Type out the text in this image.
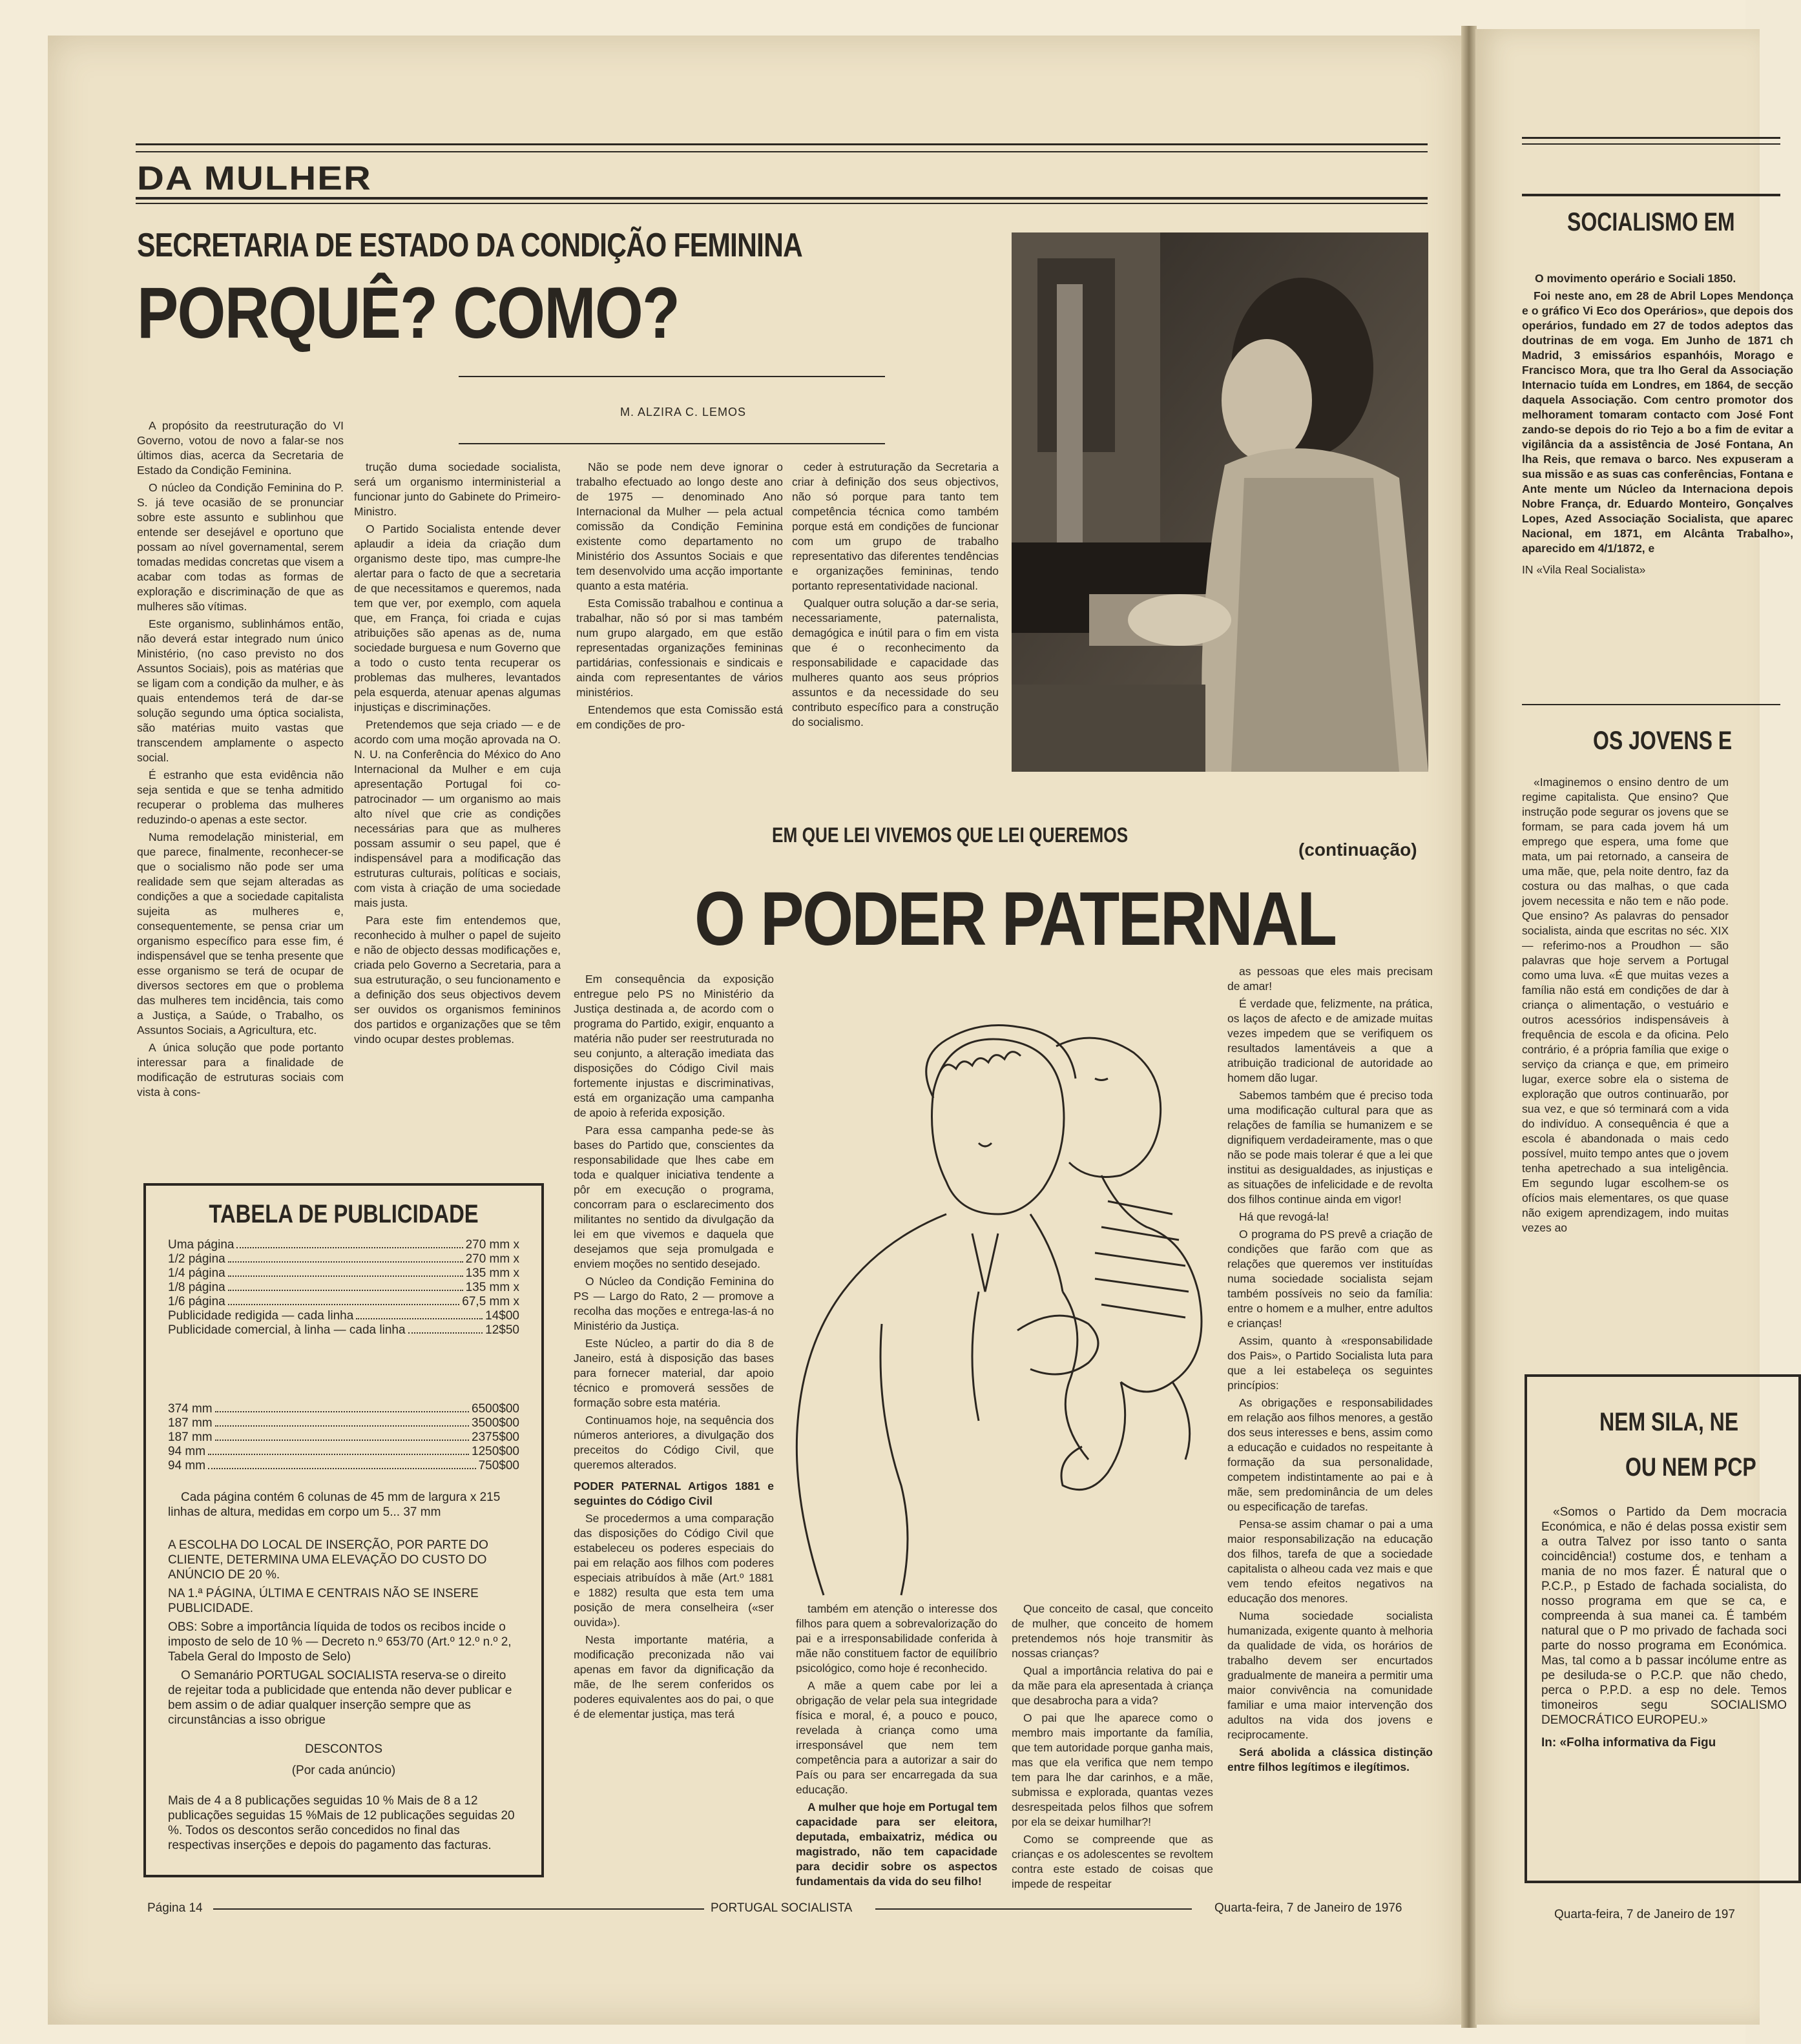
DA MULHER
SECRETARIA DE ESTADO DA CONDIÇÃO FEMININA
PORQUÊ? COMO?
M. ALZIRA C. LEMOS

A propósito da reestruturação do VI Governo, votou de novo a falar-se nos últimos dias, acerca da Secretaria de Estado da Condição Feminina.

O núcleo da Condição Feminina do P. S. já teve ocasião de se pronunciar sobre este assunto e sublinhou que entende ser desejável e oportuno que possam ao nível governamental, serem tomadas medidas concretas que visem a acabar com todas as formas de exploração e discriminação de que as mulheres são vítimas.

Este organismo, sublinhámos então, não deverá estar integrado num único Ministério, (no caso previsto no dos Assuntos Sociais), pois as matérias que se ligam com a condição da mulher, e às quais entendemos terá de dar-se solução segundo uma óptica socialista, são matérias muito vastas que transcendem amplamente o aspecto social.

É estranho que esta evidência não seja sentida e que se tenha admitido recuperar o problema das mulheres reduzindo-o apenas a este sector.

Numa remodelação ministerial, em que parece, finalmente, reconhecer-se que o socialismo não pode ser uma realidade sem que sejam alteradas as condições a que a sociedade capitalista sujeita as mulheres e, consequentemente, se pensa criar um organismo específico para esse fim, é indispensável que se tenha presente que esse organismo se terá de ocupar de diversos sectores em que o problema das mulheres tem incidência, tais como a Justiça, a Saúde, o Trabalho, os Assuntos Sociais, a Agricultura, etc.

A única solução que pode portanto interessar para a finalidade de modificação de estruturas sociais com vista à cons-

trução duma sociedade socialista, será um organismo interministerial a funcionar junto do Gabinete do Primeiro-Ministro.

O Partido Socialista entende dever aplaudir a ideia da criação dum organismo deste tipo, mas cumpre-lhe alertar para o facto de que a secretaria de que necessitamos e queremos, nada tem que ver, por exemplo, com aquela que, em França, foi criada e cujas atribuições são apenas as de, numa sociedade burguesa e num Governo que a todo o custo tenta recuperar os problemas das mulheres, levantados pela esquerda, atenuar apenas algumas injustiças e discriminações.

Pretendemos que seja criado — e de acordo com uma moção aprovada na O. N. U. na Conferência do México do Ano Internacional da Mulher e em cuja apresentação Portugal foi co-patrocinador — um organismo ao mais alto nível que crie as condições necessárias para que as mulheres possam assumir o seu papel, que é indispensável para a modificação das estruturas culturais, políticas e sociais, com vista à criação de uma sociedade mais justa.

Para este fim entendemos que, reconhecido à mulher o papel de sujeito e não de objecto dessas modificações e, criada pelo Governo a Secretaria, para a sua estruturação, o seu funcionamento e a definição dos seus objectivos devem ser ouvidos os organismos femininos dos partidos e organizações que se têm vindo ocupar destes problemas.

Não se pode nem deve ignorar o trabalho efectuado ao longo deste ano de 1975 — denominado Ano Internacional da Mulher — pela actual comissão da Condição Feminina existente como departamento no Ministério dos Assuntos Sociais e que tem desenvolvido uma acção importante quanto a esta matéria.

Esta Comissão trabalhou e continua a trabalhar, não só por si mas também num grupo alargado, em que estão representadas organizações femininas partidárias, confessionais e sindicais e ainda com representantes de vários ministérios.

Entendemos que esta Comissão está em condições de pro-

ceder à estruturação da Secretaria a criar à definição dos seus objectivos, não só porque para tanto tem competência técnica como também porque está em condições de funcionar com um grupo de trabalho representativo das diferentes tendências e organizações femininas, tendo portanto representatividade nacional.

Qualquer outra solução a dar-se seria, necessariamente, paternalista, demagógica e inútil para o fim em vista que é o reconhecimento da responsabilidade e capacidade das mulheres quanto aos seus próprios assuntos e da necessidade do seu contributo específico para a construção do socialismo.

EM QUE LEI VIVEMOS QUE LEI QUEREMOS
(continuação)
O PODER PATERNAL

Em consequência da exposição entregue pelo PS no Ministério da Justiça destinada a, de acordo com o programa do Partido, exigir, enquanto a matéria não puder ser reestruturada no seu conjunto, a alteração imediata das disposições do Código Civil mais fortemente injustas e discriminativas, está em organização uma campanha de apoio à referida exposição.

Para essa campanha pede-se às bases do Partido que, conscientes da responsabilidade que lhes cabe em toda e qualquer iniciativa tendente a pôr em execução o programa, concorram para o esclarecimento dos militantes no sentido da divulgação da lei em que vivemos e daquela que desejamos que seja promulgada e enviem moções no sentido desejado.

O Núcleo da Condição Feminina do PS — Largo do Rato, 2 — promove a recolha das moções e entrega-las-á no Ministério da Justiça.

Este Núcleo, a partir do dia 8 de Janeiro, está à disposição das bases para fornecer material, dar apoio técnico e promoverá sessões de formação sobre esta matéria.

Continuamos hoje, na sequência dos números anteriores, a divulgação dos preceitos do Código Civil, que queremos alterados.

PODER PATERNAL Artigos 1881 e seguintes do Código Civil

Se procedermos a uma comparação das disposições do Código Civil que estabeleceu os poderes especiais do pai em relação aos filhos com poderes especiais atribuídos à mãe (Art.º 1881 e 1882) resulta que esta tem uma posição de mera conselheira («ser ouvida»).

Nesta importante matéria, a modificação preconizada não vai apenas em favor da dignificação da mãe, de lhe serem conferidos os poderes equivalentes aos do pai, o que é de elementar justiça, mas terá

também em atenção o interesse dos filhos para quem a sobrevalorização do pai e a irresponsabilidade conferida à mãe não constituem factor de equilíbrio psicológico, como hoje é reconhecido.

A mãe a quem cabe por lei a obrigação de velar pela sua integridade física e moral, é, a pouco e pouco, revelada à criança como uma irresponsável que nem tem competência para a autorizar a sair do País ou para ser encarregada da sua educação.

A mulher que hoje em Portugal tem capacidade para ser eleitora, deputada, embaixatriz, médica ou magistrado, não tem capacidade para decidir sobre os aspectos fundamentais da vida do seu filho!

Que conceito de casal, que conceito de mulher, que conceito de homem pretendemos nós hoje transmitir às nossas crianças?

Qual a importância relativa do pai e da mãe para ela apresentada à criança que desabrocha para a vida?

O pai que lhe aparece como o membro mais importante da família, que tem autoridade porque ganha mais, mas que ela verifica que nem tempo tem para lhe dar carinhos, e a mãe, submissa e explorada, quantas vezes desrespeitada pelos filhos que sofrem por ela se deixar humilhar?!

Como se compreende que as crianças e os adolescentes se revoltem contra este estado de coisas que impede de respeitar

as pessoas que eles mais precisam de amar!

É verdade que, felizmente, na prática, os laços de afecto e de amizade muitas vezes impedem que se verifiquem os resultados lamentáveis a que a atribuição tradicional de autoridade ao homem dão lugar.

Sabemos também que é preciso toda uma modificação cultural para que as relações de família se humanizem e se dignifiquem verdadeiramente, mas o que não se pode mais tolerar é que a lei que institui as desigualdades, as injustiças e as situações de infelicidade e de revolta dos filhos continue ainda em vigor!

Há que revogá-la!

O programa do PS prevê a criação de condições que farão com que as relações que queremos ver instituídas numa sociedade socialista sejam também possíveis no seio da família: entre o homem e a mulher, entre adultos e crianças!

Assim, quanto à «responsabilidade dos Pais», o Partido Socialista luta para que a lei estabeleça os seguintes princípios:

As obrigações e responsabilidades em relação aos filhos menores, a gestão dos seus interesses e bens, assim como a educação e cuidados no respeitante à formação da sua personalidade, competem indistintamente ao pai e à mãe, sem predominância de um deles ou especificação de tarefas.

Pensa-se assim chamar o pai a uma maior responsabilização na educação dos filhos, tarefa de que a sociedade capitalista o alheou cada vez mais e que vem tendo efeitos negativos na educação dos menores.

Numa sociedade socialista humanizada, exigente quanto à melhoria da qualidade de vida, os horários de trabalho devem ser encurtados gradualmente de maneira a permitir uma maior convivência na comunidade familiar e uma maior intervenção dos adultos na vida dos jovens e reciprocamente.

Será abolida a clássica distinção entre filhos legítimos e ilegítimos.

TABELA DE PUBLICIDADE
Uma página	270 mm x
1/2 página	270 mm x
1/4 página	135 mm x
1/8 página	135 mm x
1/6 página	67,5 mm x
Publicidade redigida — cada linha	14$00
Publicidade comercial, à linha — cada linha	12$50
374 mm	6500$00
187 mm	3500$00
187 mm	2375$00
94 mm	1250$00
94 mm	750$00
Cada página contém 6 colunas de 45 mm de largura x 215 linhas de altura, medidas em corpo um 5... 37 mm
A ESCOLHA DO LOCAL DE INSERÇÃO, POR PARTE DO CLIENTE, DETERMINA UMA ELEVAÇÃO DO CUSTO DO ANÚNCIO DE 20 %.
NA 1.ª PÁGINA, ÚLTIMA E CENTRAIS NÃO SE INSERE PUBLICIDADE.
OBS: Sobre a importância líquida de todos os recibos incide o imposto de selo de 10 % — Decreto n.º 653/70 (Art.º 12.º n.º 2, Tabela Geral do Imposto de Selo)
O Semanário PORTUGAL SOCIALISTA reserva-se o direito de rejeitar toda a publicidade que entenda não dever publicar e bem assim o de adiar qualquer inserção sempre que as circunstâncias a isso obrigue
DESCONTOS
(Por cada anúncio)
Mais de 4 a 8 publicações seguidas 10 % Mais de 8 a 12 publicações seguidas 15 %Mais de 12 publicações seguidas 20 %. Todos os descontos serão concedidos no final das respectivas inserções e depois do pagamento das facturas.
Página 14	PORTUGAL SOCIALISTA	Quarta-feira, 7 de Janeiro de 1976
SOCIALISMO EM

O movimento operário e Sociali 1850.

Foi neste ano, em 28 de Abril Lopes Mendonça e o gráfico Vi Eco dos Operários», que depois dos operários, fundado em 27 de todos adeptos das doutrinas de em voga. Em Junho de 1871 ch Madrid, 3 emissários espanhóis, Morago e Francisco Mora, que tra lho Geral da Associação Internacio tuída em Londres, em 1864, de secção daquela Associação. Com centro promotor dos melhorament tomaram contacto com José Font zando-se depois do rio Tejo a bo a fim de evitar a vigilância da a assistência de José Fontana, An lha Reis, que remava o barco. Nes expuseram a sua missão e as suas cas conferências, Fontana e Ante mente um Núcleo da Internaciona depois Nobre França, dr. Eduardo Monteiro, Gonçalves Lopes, Azed Associação Socialista, que aparec Nacional, em 1871, em Alcânta Trabalho», aparecido em 4/1/1872, e

IN «Vila Real Socialista»

OS JOVENS E

«Imaginemos o ensino dentro de um regime capitalista. Que ensino? Que instrução pode segurar os jovens que se formam, se para cada jovem há um emprego que espera, uma fome que mata, um pai retornado, a canseira de uma mãe, que, pela noite dentro, faz da costura ou das malhas, o que cada jovem necessita e não tem e não pode. Que ensino? As palavras do pensador socialista, ainda que escritas no séc. XIX — referimo-nos a Proudhon — são palavras que hoje servem a Portugal como uma luva. «É que muitas vezes a família não está em condições de dar à criança o alimentação, o vestuário e outros acessórios indispensáveis à frequência de escola e da oficina. Pelo contrário, é a própria família que exige o serviço da criança e que, em primeiro lugar, exerce sobre ela o sistema de exploração que outros continuarão, por sua vez, e que só terminará com a vida do indivíduo. A consequência é que a escola é abandonada o mais cedo possível, muito tempo antes que o jovem tenha apetrechado a sua inteligência. Em segundo lugar escolhem-se os ofícios mais elementares, os que quase não exigem aprendizagem, indo muitas vezes ao

NEM SILA, NE
OU NEM PCP

«Somos o Partido da Dem mocracia Económica, e não é delas possa existir sem a outra Talvez por isso tanto o santa coincidência!) costume dos, e tenham a mania de no mos fazer. É natural que o P.C.P., p Estado de fachada socialista, do nosso programa em que se ca, e compreenda à sua manei ca. É também natural que o P mo privado de fachada soci parte do nosso programa em Económica. Mas, tal como a b passar incólume entre as pe desiluda-se o P.C.P. que não chedo, perca o P.P.D. a esp no dele. Temos timoneiros segu SOCIALISMO DEMOCRÁTICO EUROPEU.»

In: «Folha informativa da Figu

Quarta-feira, 7 de Janeiro de 197
